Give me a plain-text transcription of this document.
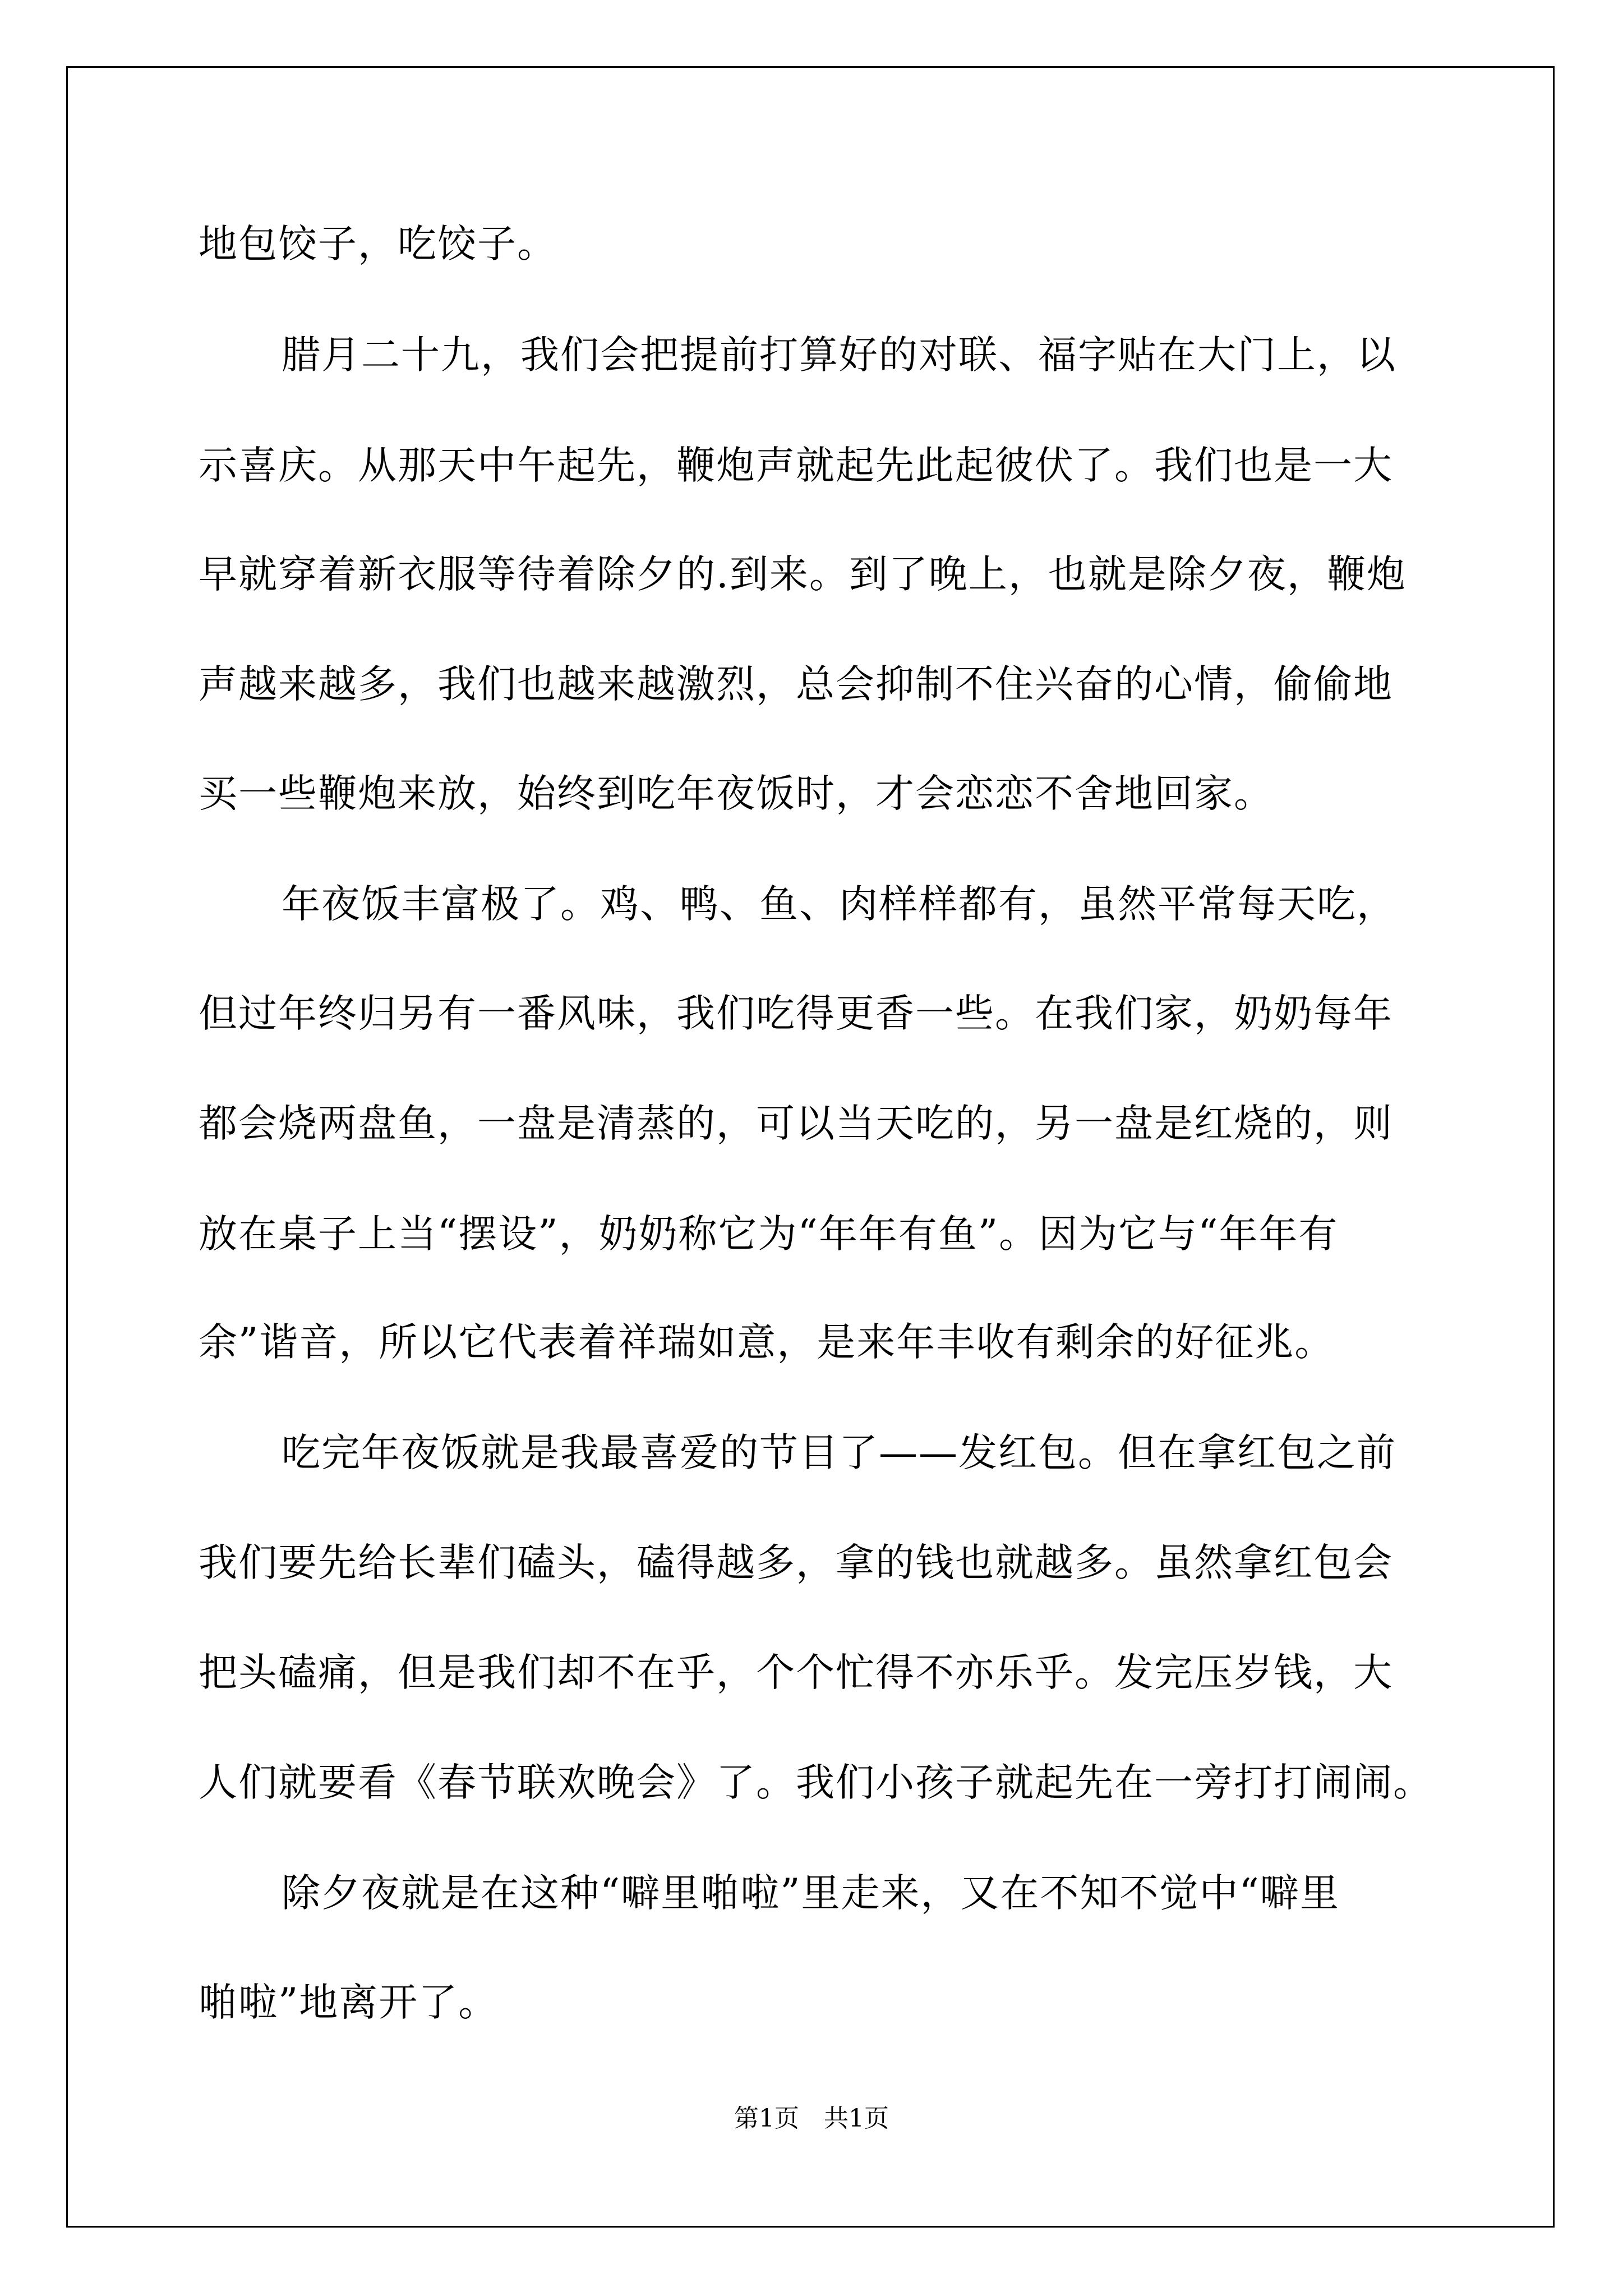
地包饺子，吃饺子。

腊月二十九，我们会把提前打算好的对联、福字贴在大门上，以

示喜庆。从那天中午起先，鞭炮声就起先此起彼伏了。我们也是一大

早就穿着新衣服等待着除夕的.到来。到了晚上，也就是除夕夜，鞭炮

声越来越多，我们也越来越激烈，总会抑制不住兴奋的心情，偷偷地

买一些鞭炮来放，始终到吃年夜饭时，才会恋恋不舍地回家。

年夜饭丰富极了。鸡、鸭、鱼、肉样样都有，虽然平常每天吃，

但过年终归另有一番风味，我们吃得更香一些。在我们家，奶奶每年

都会烧两盘鱼，一盘是清蒸的，可以当天吃的，另一盘是红烧的，则

放在桌子上当“摆设”，奶奶称它为“年年有鱼”。因为它与“年年有

余”谐音，所以它代表着祥瑞如意，是来年丰收有剩余的好征兆。

吃完年夜饭就是我最喜爱的节目了——发红包。但在拿红包之前

我们要先给长辈们磕头，磕得越多，拿的钱也就越多。虽然拿红包会

把头磕痛，但是我们却不在乎，个个忙得不亦乐乎。发完压岁钱，大

人们就要看《春节联欢晚会》了。我们小孩子就起先在一旁打打闹闹。

除夕夜就是在这种“噼里啪啦”里走来，又在不知不觉中“噼里

啪啦”地离开了。

第1页　共1页
